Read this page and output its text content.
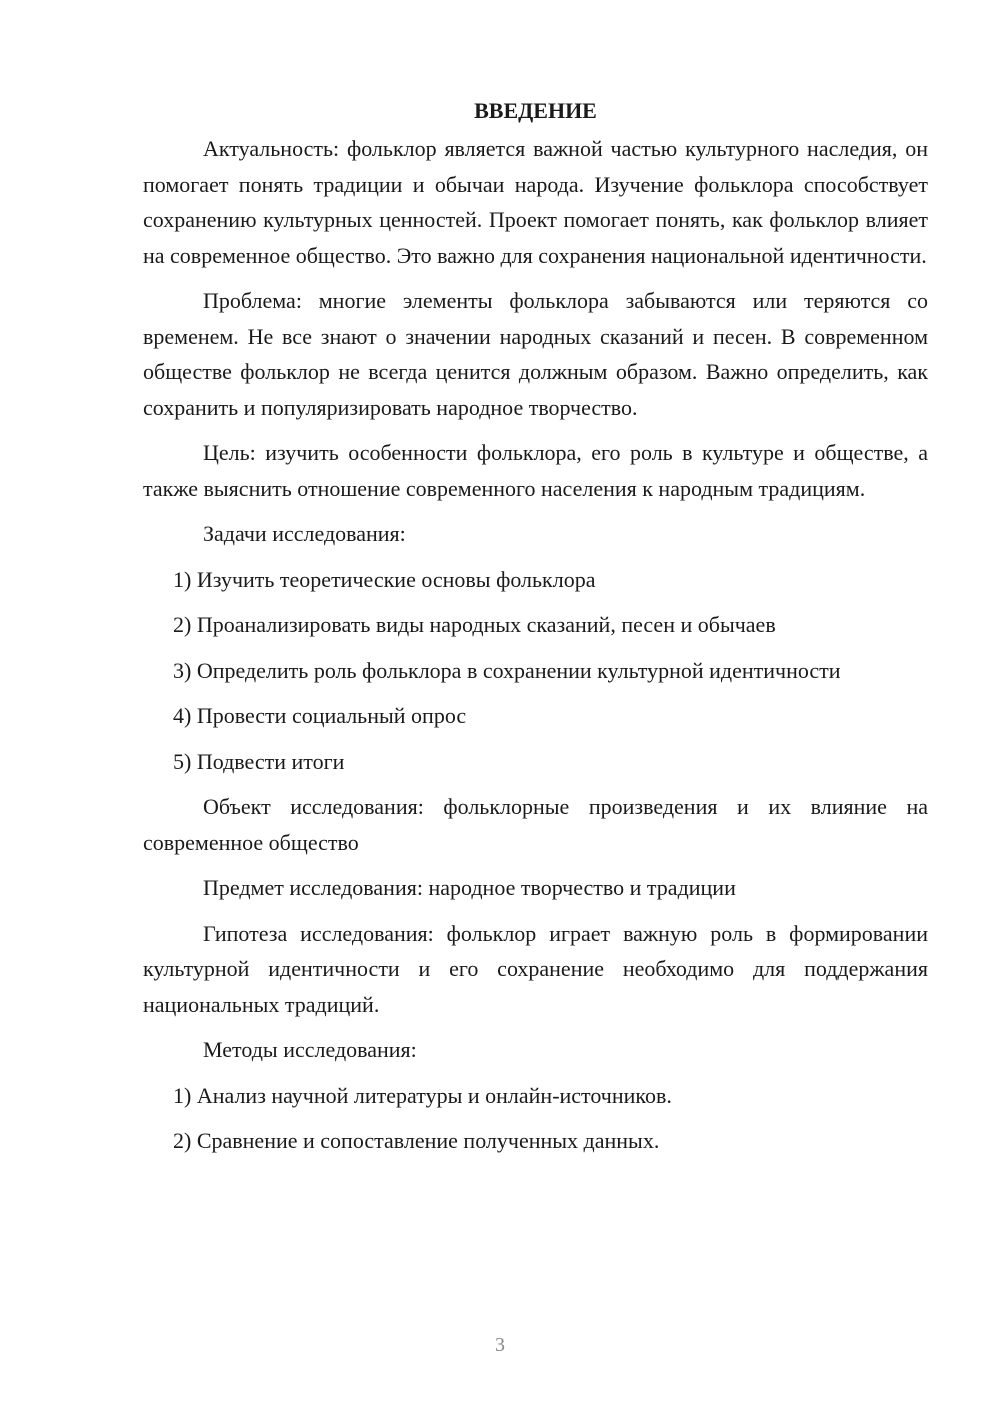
ВВЕДЕНИЕ

Актуальность: фольклор является важной частью культурного наследия, он помогает понять традиции и обычаи народа. Изучение фольклора способствует сохранению культурных ценностей. Проект помогает понять, как фольклор влияет на современное общество. Это важно для сохранения национальной идентичности.

Проблема: многие элементы фольклора забываются или теряются со временем. Не все знают о значении народных сказаний и песен. В современном обществе фольклор не всегда ценится должным образом. Важно определить, как сохранить и популяризировать народное творчество.

Цель: изучить особенности фольклора, его роль в культуре и обществе, а также выяснить отношение современного населения к народным традициям.

Задачи исследования:

1) Изучить теоретические основы фольклора

2) Проанализировать виды народных сказаний, песен и обычаев

3) Определить роль фольклора в сохранении культурной идентичности

4) Провести социальный опрос

5) Подвести итоги

Объект исследования: фольклорные произведения и их влияние на современное общество

Предмет исследования: народное творчество и традиции

Гипотеза исследования: фольклор играет важную роль в формировании культурной идентичности и его сохранение необходимо для поддержания национальных традиций.

Методы исследования:

1) Анализ научной литературы и онлайн-источников.

2) Сравнение и сопоставление полученных данных.

3
